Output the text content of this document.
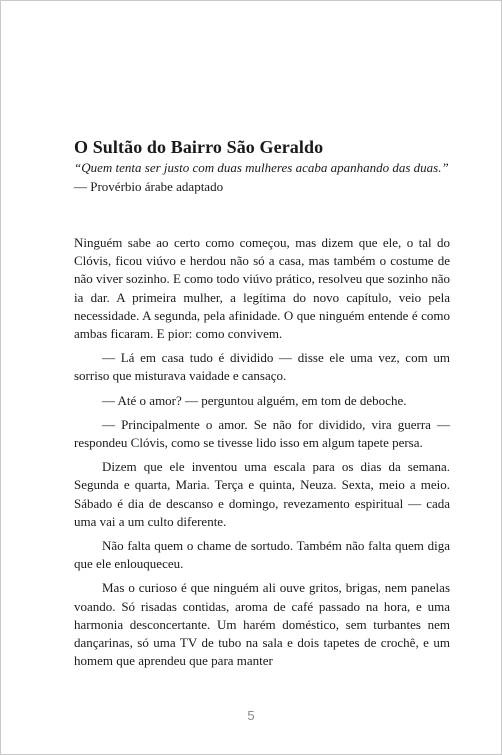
O Sultão do Bairro São Geraldo

“Quem tenta ser justo com duas mulheres acaba apanhando das duas.”

— Provérbio árabe adaptado

Ninguém sabe ao certo como começou, mas dizem que ele, o tal do Clóvis, ficou viúvo e herdou não só a casa, mas também o costume de não viver sozinho. E como todo viúvo prático, resolveu que sozinho não ia dar. A primeira mulher, a legítima do novo capítulo, veio pela necessidade. A segunda, pela afinidade. O que ninguém entende é como ambas ficaram. E pior: como convivem.

— Lá em casa tudo é dividido — disse ele uma vez, com um sorriso que misturava vaidade e cansaço.

— Até o amor? — perguntou alguém, em tom de deboche.

— Principalmente o amor. Se não for dividido, vira guerra — respondeu Clóvis, como se tivesse lido isso em algum tapete persa.

Dizem que ele inventou uma escala para os dias da semana. Segunda e quarta, Maria. Terça e quinta, Neuza. Sexta, meio a meio. Sábado é dia de descanso e domingo, revezamento espiritual — cada uma vai a um culto diferente.

Não falta quem o chame de sortudo. Também não falta quem diga que ele enlouqueceu.

Mas o curioso é que ninguém ali ouve gritos, brigas, nem panelas voando. Só risadas contidas, aroma de café passado na hora, e uma harmonia desconcertante. Um harém doméstico, sem turbantes nem dançarinas, só uma TV de tubo na sala e dois tapetes de crochê, e um homem que aprendeu que para manter

5
